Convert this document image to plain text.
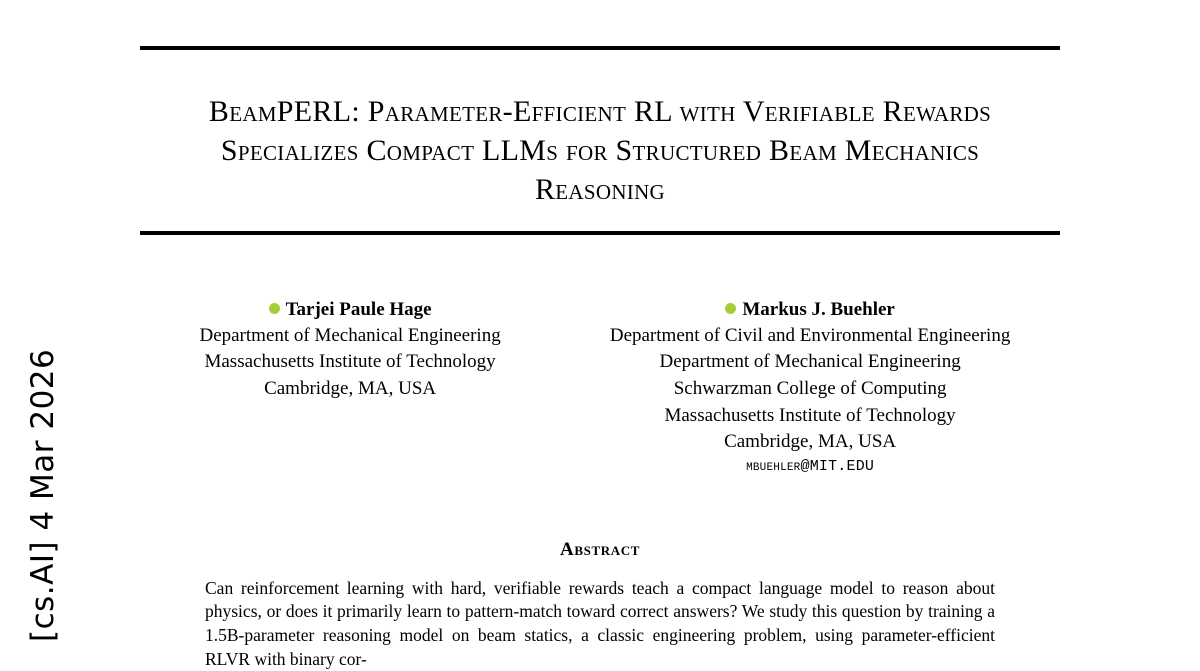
[cs.AI] 4 Mar 2026
BeamPERL: Parameter-Efficient RL with Verifiable Rewards Specializes Compact LLMs for Structured Beam Mechanics Reasoning
Tarjei Paule Hage
Department of Mechanical Engineering
Massachusetts Institute of Technology
Cambridge, MA, USA
Markus J. Buehler
Department of Civil and Environmental Engineering
Department of Mechanical Engineering
Schwarzman College of Computing
Massachusetts Institute of Technology
Cambridge, MA, USA
mbuehler@MIT.EDU
Abstract

Can reinforcement learning with hard, verifiable rewards teach a compact language model to reason about physics, or does it primarily learn to pattern-match toward correct answers? We study this question by training a 1.5B-parameter reasoning model on beam statics, a classic engineering problem, using parameter-efficient RLVR with binary cor-
